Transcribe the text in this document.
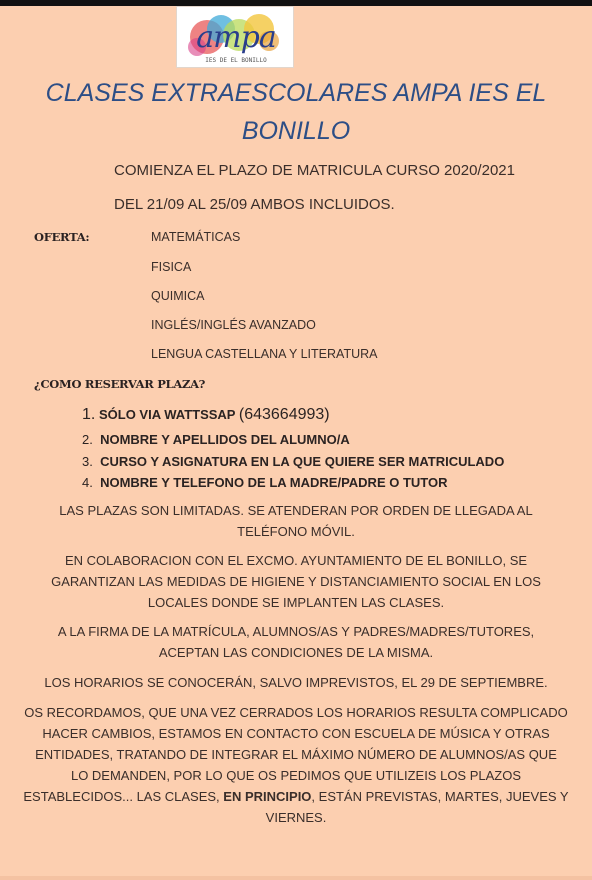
ampa
IES DE EL BONILLO
CLASES EXTRAESCOLARES AMPA IES EL
BONILLO
COMIENZA EL PLAZO DE MATRICULA CURSO 2020/2021
DEL 21/09 AL 25/09 AMBOS INCLUIDOS.
OFERTA:	MATEMÁTICAS
FISICA
QUIMICA
INGLÉS/INGLÉS AVANZADO
LENGUA CASTELLANA Y LITERATURA
¿COMO RESERVAR PLAZA?
1. SÓLO VIA WATTSSAP (643664993)
2. NOMBRE Y APELLIDOS DEL ALUMNO/A
3. CURSO Y ASIGNATURA EN LA QUE QUIERE SER MATRICULADO
4. NOMBRE Y TELEFONO DE LA MADRE/PADRE O TUTOR
LAS PLAZAS SON LIMITADAS. SE ATENDERAN POR ORDEN DE LLEGADA AL
TELÉFONO MÓVIL.
EN COLABORACION CON EL EXCMO. AYUNTAMIENTO DE EL BONILLO, SE
GARANTIZAN LAS MEDIDAS DE HIGIENE Y DISTANCIAMIENTO SOCIAL EN LOS
LOCALES DONDE SE IMPLANTEN LAS CLASES.
A LA FIRMA DE LA MATRÍCULA, ALUMNOS/AS Y PADRES/MADRES/TUTORES,
ACEPTAN LAS CONDICIONES DE LA MISMA.
LOS HORARIOS SE CONOCERÁN, SALVO IMPREVISTOS, EL 29 DE SEPTIEMBRE.
OS RECORDAMOS, QUE UNA VEZ CERRADOS LOS HORARIOS RESULTA COMPLICADO
HACER CAMBIOS, ESTAMOS EN CONTACTO CON ESCUELA DE MÚSICA Y OTRAS
ENTIDADES, TRATANDO DE INTEGRAR EL MÁXIMO NÚMERO DE ALUMNOS/AS QUE
LO DEMANDEN, POR LO QUE OS PEDIMOS QUE UTILIZEIS LOS PLAZOS
ESTABLECIDOS... LAS CLASES, EN PRINCIPIO, ESTÁN PREVISTAS, MARTES, JUEVES Y
VIERNES.
